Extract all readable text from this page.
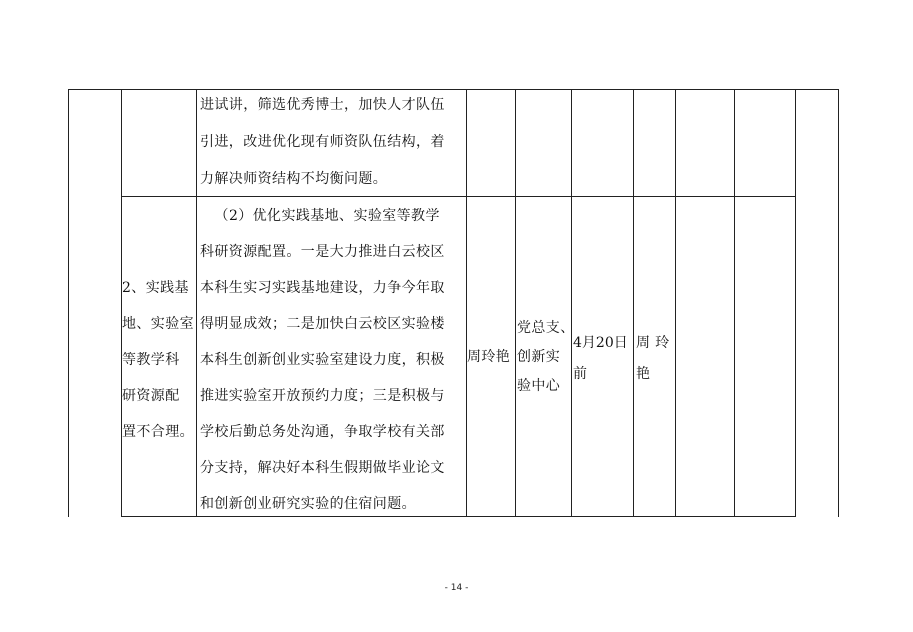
进试讲，筛选优秀博士，加快人才队伍
引进，改进优化现有师资队伍结构，着
力解决师资结构不均衡问题。
2、实践基
地、实验室
等教学科
研资源配
置不合理。
（2）优化实践基地、实验室等教学
科研资源配置。一是大力推进白云校区
本科生实习实践基地建设，力争今年取
得明显成效；二是加快白云校区实验楼
本科生创新创业实验室建设力度，积极
推进实验室开放预约力度；三是积极与
学校后勤总务处沟通，争取学校有关部
分支持，解决好本科生假期做毕业论文
和创新创业研究实验的住宿问题。
周玲艳
党总支、
创新实
验中心
4月20日
前
周 玲
艳
- 14 -
